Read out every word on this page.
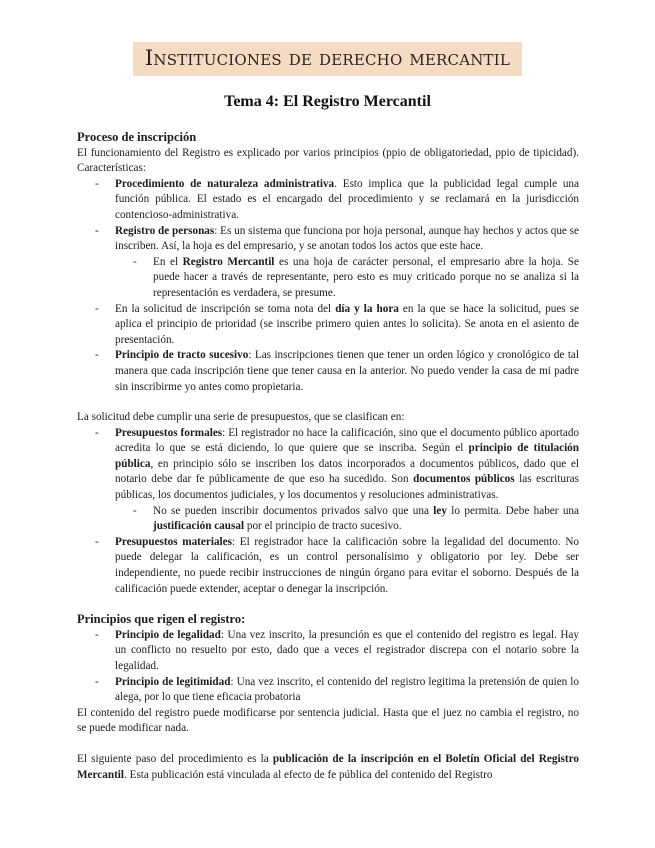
Instituciones de derecho mercantil
Tema 4: El Registro Mercantil

Proceso de inscripción

El funcionamiento del Registro es explicado por varios principios (ppio de obligatoriedad, ppio de tipicidad). Características:

- Procedimiento de naturaleza administrativa. Esto implica que la publicidad legal cumple una función pública. El estado es el encargado del procedimiento y se reclamará en la jurisdicción contencioso-administrativa.
- Registro de personas: Es un sistema que funciona por hoja personal, aunque hay hechos y actos que se inscriben. Así, la hoja es del empresario, y se anotan todos los actos que este hace.
- En el Registro Mercantil es una hoja de carácter personal, el empresario abre la hoja. Se puede hacer a través de representante, pero esto es muy criticado porque no se analiza si la representación es verdadera, se presume.
- En la solicitud de inscripción se toma nota del día y la hora en la que se hace la solicitud, pues se aplica el principio de prioridad (se inscribe primero quien antes lo solicita). Se anota en el asiento de presentación.
- Principio de tracto sucesivo: Las inscripciones tienen que tener un orden lógico y cronológico de tal manera que cada inscripción tiene que tener causa en la anterior. No puedo vender la casa de mi padre sin inscribirme yo antes como propietaria.

La solicitud debe cumplir una serie de presupuestos, que se clasifican en:

- Presupuestos formales: El registrador no hace la calificación, sino que el documento público aportado acredita lo que se está diciendo, lo que quiere que se inscriba. Según el principio de titulación pública, en principio sólo se inscriben los datos incorporados a documentos públicos, dado que el notario debe dar fe públicamente de que eso ha sucedido. Son documentos públicos las escrituras públicas, los documentos judiciales, y los documentos y resoluciones administrativas.
- No se pueden inscribir documentos privados salvo que una ley lo permita. Debe haber una justificación causal por el principio de tracto sucesivo.
- Presupuestos materiales: El registrador hace la calificación sobre la legalidad del documento. No puede delegar la calificación, es un control personalísimo y obligatorio por ley. Debe ser independiente, no puede recibir instrucciones de ningún órgano para evitar el soborno. Después de la calificación puede extender, aceptar o denegar la inscripción.

Principios que rigen el registro:

- Principio de legalidad: Una vez inscrito, la presunción es que el contenido del registro es legal. Hay un conflicto no resuelto por esto, dado que a veces el registrador discrepa con el notario sobre la legalidad.
- Principio de legitimidad: Una vez inscrito, el contenido del registro legitima la pretensión de quien lo alega, por lo que tiene eficacia probatoria

El contenido del registro puede modificarse por sentencia judicial. Hasta que el juez no cambia el registro, no se puede modificar nada.

El siguiente paso del procedimiento es la publicación de la inscripción en el Boletín Oficial del Registro Mercantil. Esta publicación está vinculada al efecto de fe pública del contenido del Registro
